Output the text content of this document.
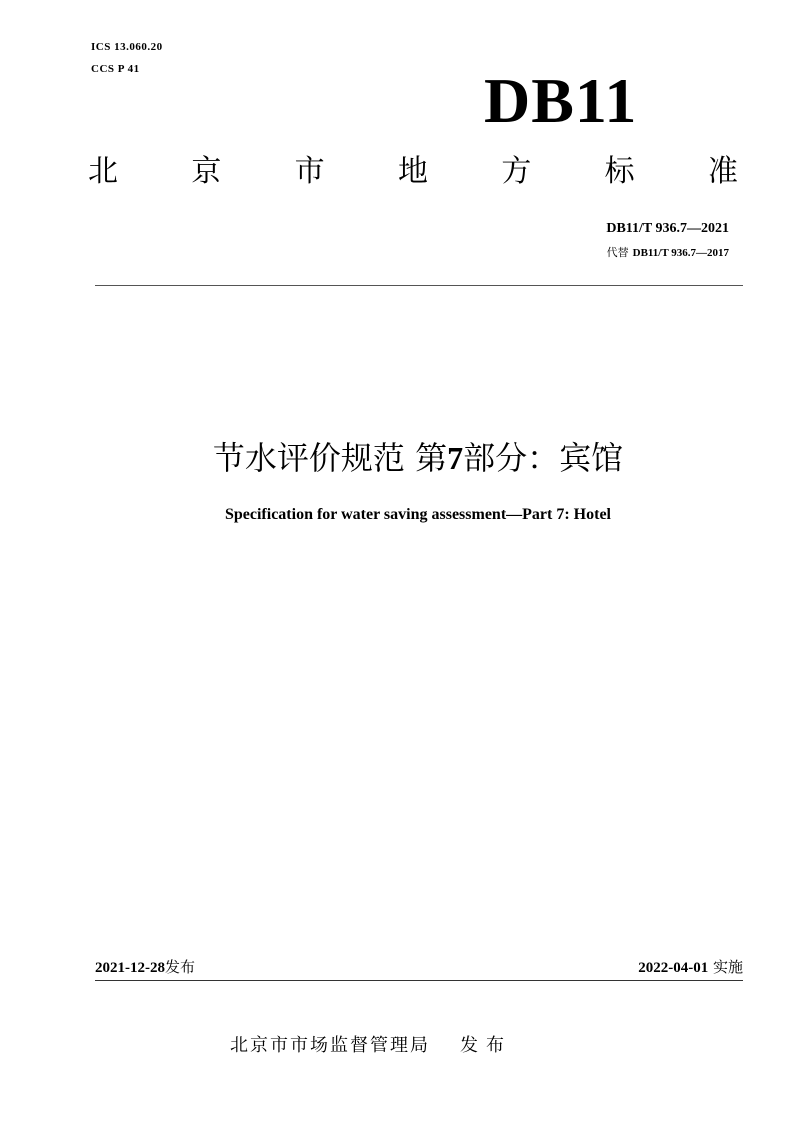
ICS 13.060.20
CCS P 41	DB11
北 京 市 地 方 标 准
DB11/T 936.7—2021
代替 DB11/T 936.7—2017
节水评价规范 第7部分：宾馆
Specification for water saving assessment—Part 7: Hotel
2021-12-28发布	2022-04-01 实施
北京市市场监督管理局 发布
